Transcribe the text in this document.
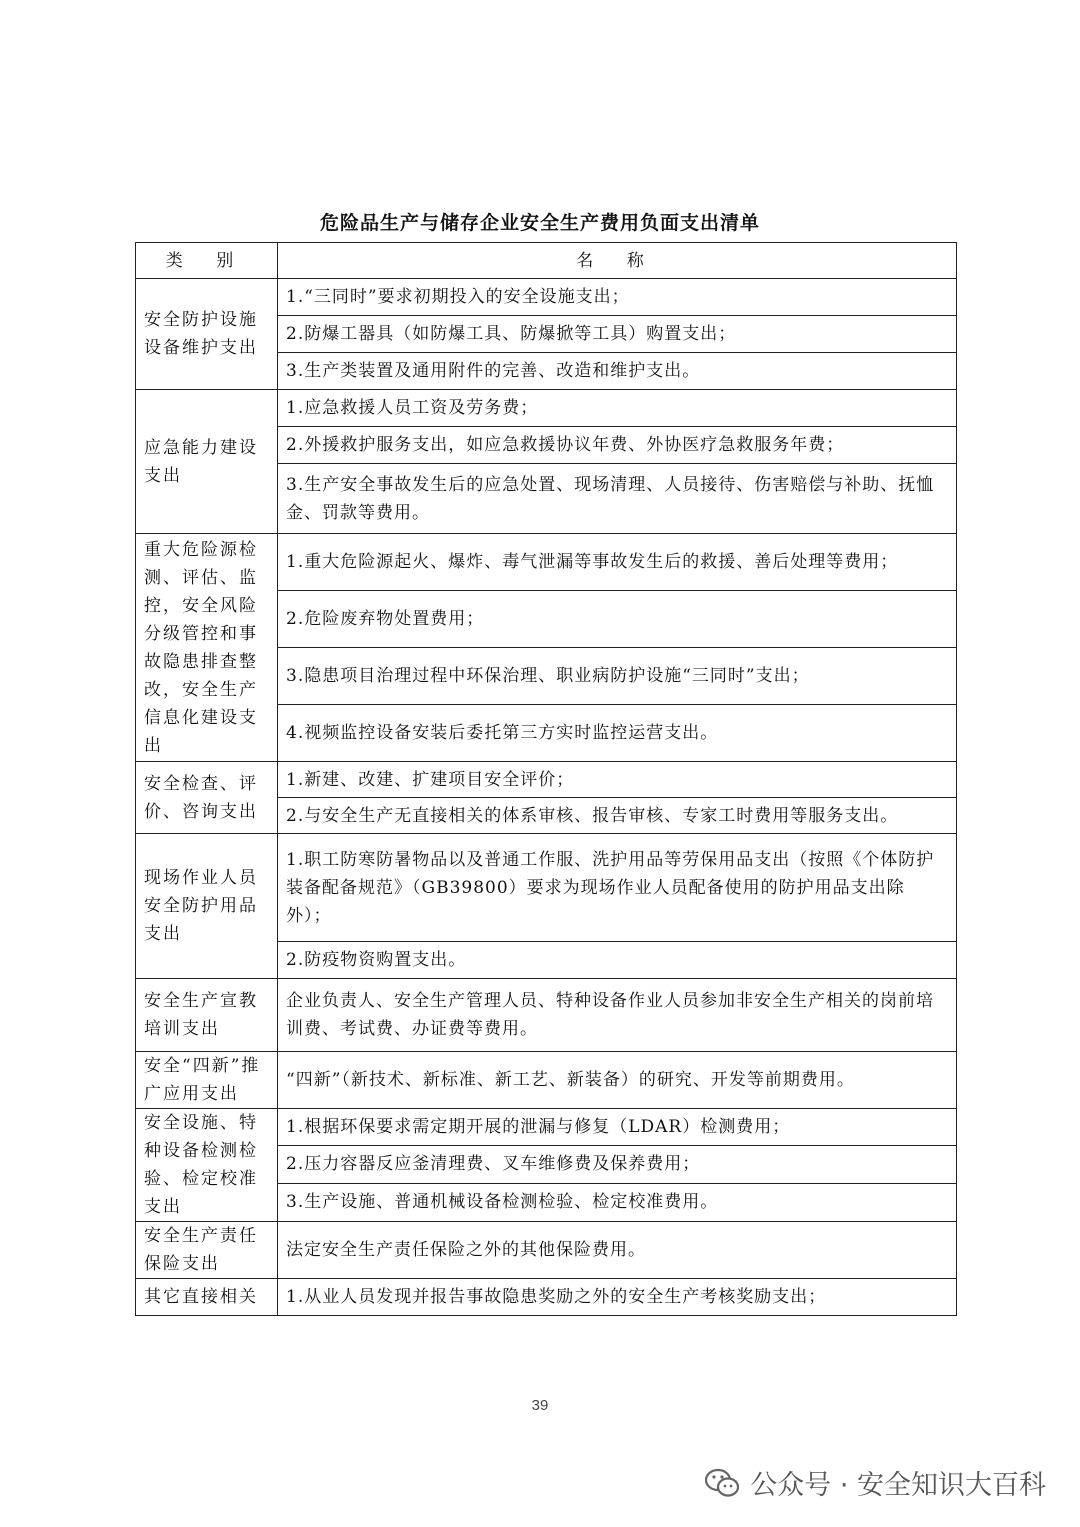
危险品生产与储存企业安全生产费用负面支出清单
类 别	名 称
安全防护设施设备维护支出	1.“三同时”要求初期投入的安全设施支出；
	2.防爆工器具（如防爆工具、防爆掀等工具）购置支出；
	3.生产类装置及通用附件的完善、改造和维护支出。
应急能力建设支出	1.应急救援人员工资及劳务费；
	2.外援救护服务支出，如应急救援协议年费、外协医疗急救服务年费；
	3.生产安全事故发生后的应急处置、现场清理、人员接待、伤害赔偿与补助、抚恤金、罚款等费用。
重大危险源检测、评估、监控，安全风险分级管控和事故隐患排查整改，安全生产信息化建设支出	1.重大危险源起火、爆炸、毒气泄漏等事故发生后的救援、善后处理等费用；
	2.危险废弃物处置费用；
	3.隐患项目治理过程中环保治理、职业病防护设施“三同时”支出；
	4.视频监控设备安装后委托第三方实时监控运营支出。
安全检查、评价、咨询支出	1.新建、改建、扩建项目安全评价；
	2.与安全生产无直接相关的体系审核、报告审核、专家工时费用等服务支出。
现场作业人员安全防护用品支出	1.职工防寒防暑物品以及普通工作服、洗护用品等劳保用品支出（按照《个体防护装备配备规范》（GB39800）要求为现场作业人员配备使用的防护用品支出除外）；
	2.防疫物资购置支出。
安全生产宣教培训支出	企业负责人、安全生产管理人员、特种设备作业人员参加非安全生产相关的岗前培训费、考试费、办证费等费用。
安全“四新”推广应用支出	“四新”（新技术、新标准、新工艺、新装备）的研究、开发等前期费用。
安全设施、特种设备检测检验、检定校准支出	1.根据环保要求需定期开展的泄漏与修复（LDAR）检测费用；
	2.压力容器反应釜清理费、叉车维修费及保养费用；
	3.生产设施、普通机械设备检测检验、检定校准费用。
安全生产责任保险支出	法定安全生产责任保险之外的其他保险费用。
其它直接相关	1.从业人员发现并报告事故隐患奖励之外的安全生产考核奖励支出；
39
公众号 · 安全知识大百科
